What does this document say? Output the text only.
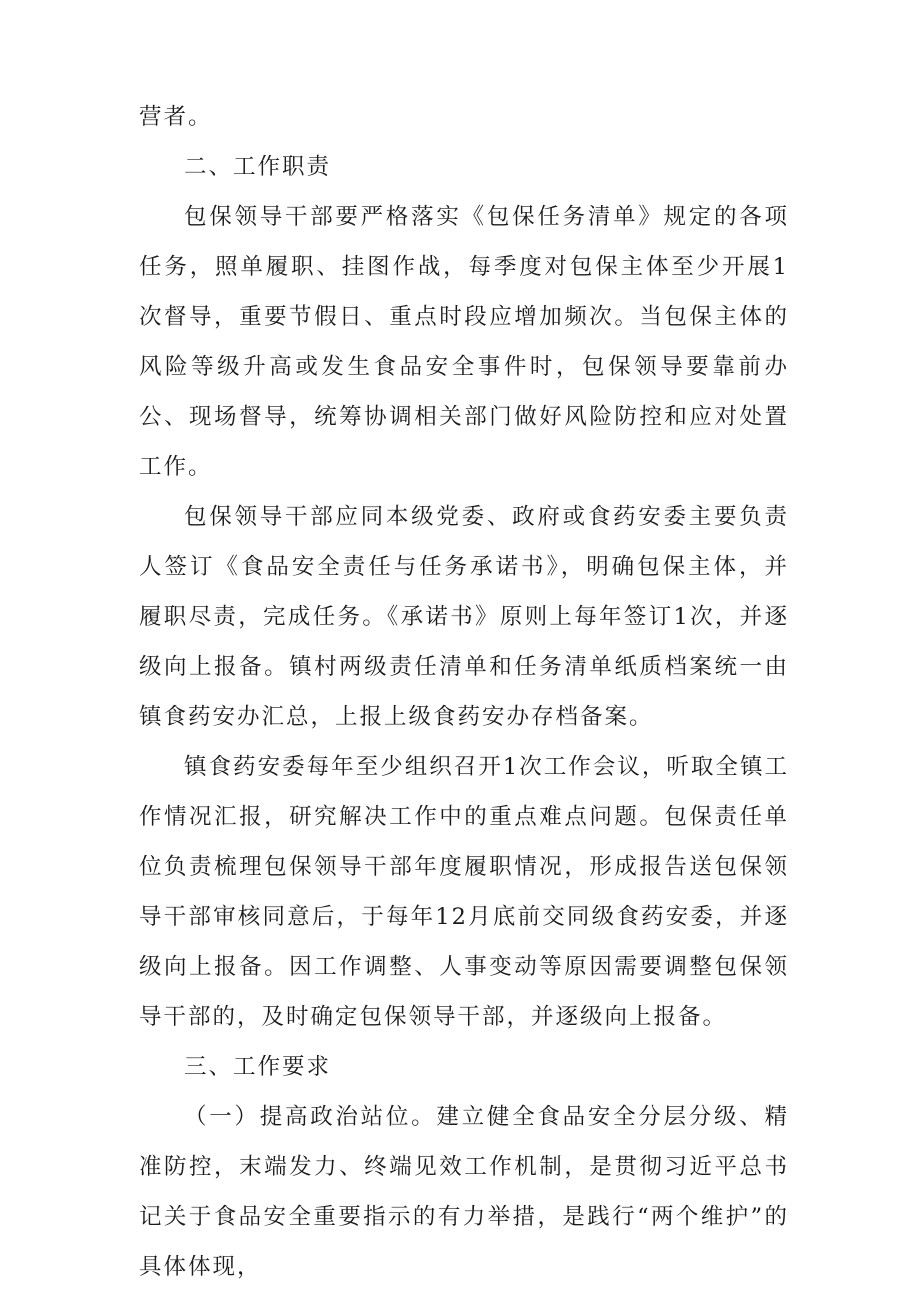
营者。

二、工作职责

包保领导干部要严格落实《包保任务清单》规定的各项任务，照单履职、挂图作战，每季度对包保主体至少开展1次督导，重要节假日、重点时段应增加频次。当包保主体的风险等级升高或发生食品安全事件时，包保领导要靠前办公、现场督导，统筹协调相关部门做好风险防控和应对处置工作。

包保领导干部应同本级党委、政府或食药安委主要负责人签订《食品安全责任与任务承诺书》，明确包保主体，并履职尽责，完成任务。《承诺书》原则上每年签订1次，并逐级向上报备。镇村两级责任清单和任务清单纸质档案统一由镇食药安办汇总，上报上级食药安办存档备案。

镇食药安委每年至少组织召开1次工作会议，听取全镇工作情况汇报，研究解决工作中的重点难点问题。包保责任单位负责梳理包保领导干部年度履职情况，形成报告送包保领导干部审核同意后，于每年12月底前交同级食药安委，并逐级向上报备。因工作调整、人事变动等原因需要调整包保领导干部的，及时确定包保领导干部，并逐级向上报备。

三、工作要求

（一）提高政治站位。建立健全食品安全分层分级、精准防控，末端发力、终端见效工作机制，是贯彻习近平总书记关于食品安全重要指示的有力举措，是践行“两个维护”的具体体现，
